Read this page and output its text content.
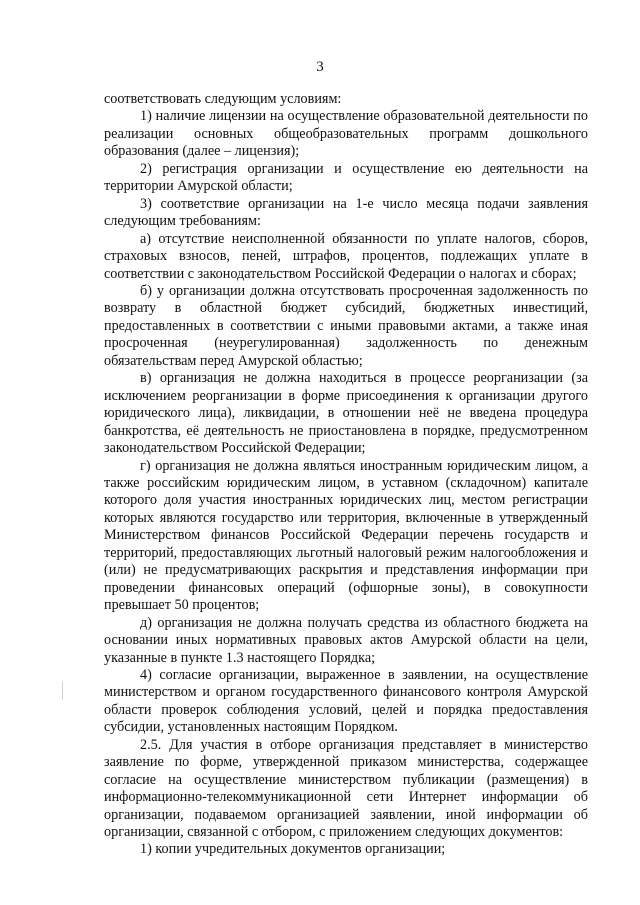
3

соответствовать следующим условиям:

1) наличие лицензии на осуществление образовательной деятельности по реализации основных общеобразовательных программ дошкольного образования (далее – лицензия);

2) регистрация организации и осуществление ею деятельности на территории Амурской области;

3) соответствие организации на 1-е число месяца подачи заявления следующим требованиям:

а) отсутствие неисполненной обязанности по уплате налогов, сборов, страховых взносов, пеней, штрафов, процентов, подлежащих уплате в соответствии с законодательством Российской Федерации о налогах и сборах;

б) у организации должна отсутствовать просроченная задолженность по возврату в областной бюджет субсидий, бюджетных инвестиций, предоставленных в соответствии с иными правовыми актами, а также иная просроченная (неурегулированная) задолженность по денежным обязательствам перед Амурской областью;

в) организация не должна находиться в процессе реорганизации (за исключением реорганизации в форме присоединения к организации другого юридического лица), ликвидации, в отношении неё не введена процедура банкротства, её деятельность не приостановлена в порядке, предусмотренном законодательством Российской Федерации;

г) организация не должна являться иностранным юридическим лицом, а также российским юридическим лицом, в уставном (складочном) капитале которого доля участия иностранных юридических лиц, местом регистрации которых являются государство или территория, включенные в утвержденный Министерством финансов Российской Федерации перечень государств и территорий, предоставляющих льготный налоговый режим налогообложения и (или) не предусматривающих раскрытия и представления информации при проведении финансовых операций (офшорные зоны), в совокупности превышает 50 процентов;

д) организация не должна получать средства из областного бюджета на основании иных нормативных правовых актов Амурской области на цели, указанные в пункте 1.3 настоящего Порядка;

4) согласие организации, выраженное в заявлении, на осуществление министерством и органом государственного финансового контроля Амурской области проверок соблюдения условий, целей и порядка предоставления субсидии, установленных настоящим Порядком.

2.5. Для участия в отборе организация представляет в министерство заявление по форме, утвержденной приказом министерства, содержащее согласие на осуществление министерством публикации (размещения) в информационно-телекоммуникационной сети Интернет информации об организации, подаваемом организацией заявлении, иной информации об организации, связанной с отбором, с приложением следующих документов:

1) копии учредительных документов организации;
